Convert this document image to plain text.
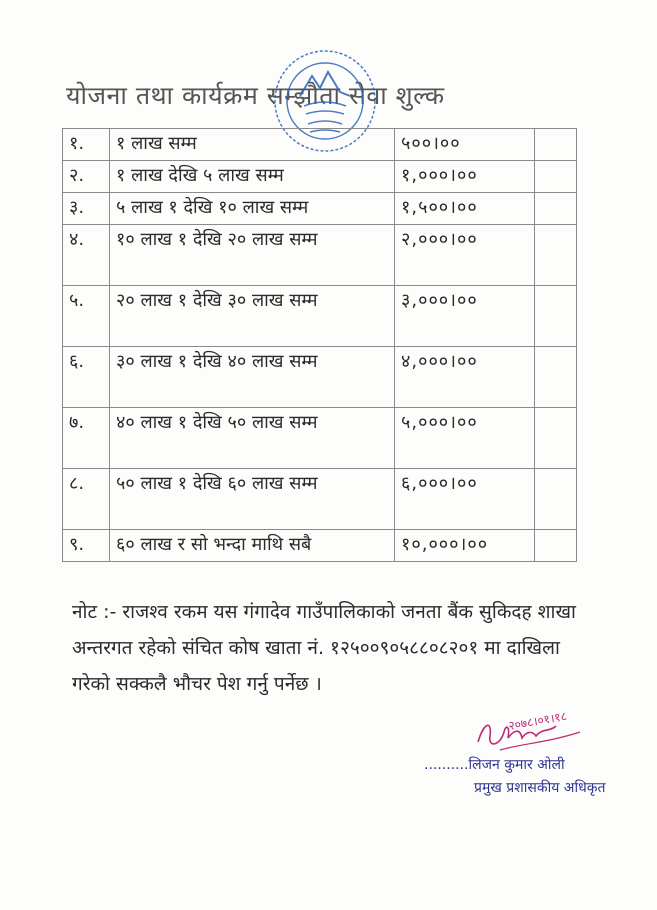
योजना तथा कार्यक्रम सम्झौता सेवा शुल्क
१.	१ लाख सम्म	५००।००	
२.	१ लाख देखि ५ लाख सम्म	१,०००।००	
३.	५ लाख १ देखि १० लाख सम्म	१,५००।००	
४.	१० लाख १ देखि २० लाख सम्म	२,०००।००	
५.	२० लाख १ देखि ३० लाख सम्म	३,०००।००	
६.	३० लाख १ देखि ४० लाख सम्म	४,०००।००	
७.	४० लाख १ देखि ५० लाख सम्म	५,०००।००	
८.	५० लाख १ देखि ६० लाख सम्म	६,०००।००	
९.	६० लाख र सो भन्दा माथि सबै	१०,०००।००	
नोट :- राजश्व रकम यस गंगादेव गाउँपालिकाको जनता बैंक सुकिदह शाखा अन्तरगत रहेको संचित कोष खाता नं. १२५००९०५८८०८२०१ मा दाखिला गरेको सक्कलै भौचर पेश गर्नु पर्नेछ ।
२०७८।०१।१८
..........लिजन कुमार ओली
प्रमुख प्रशासकीय अधिकृत
